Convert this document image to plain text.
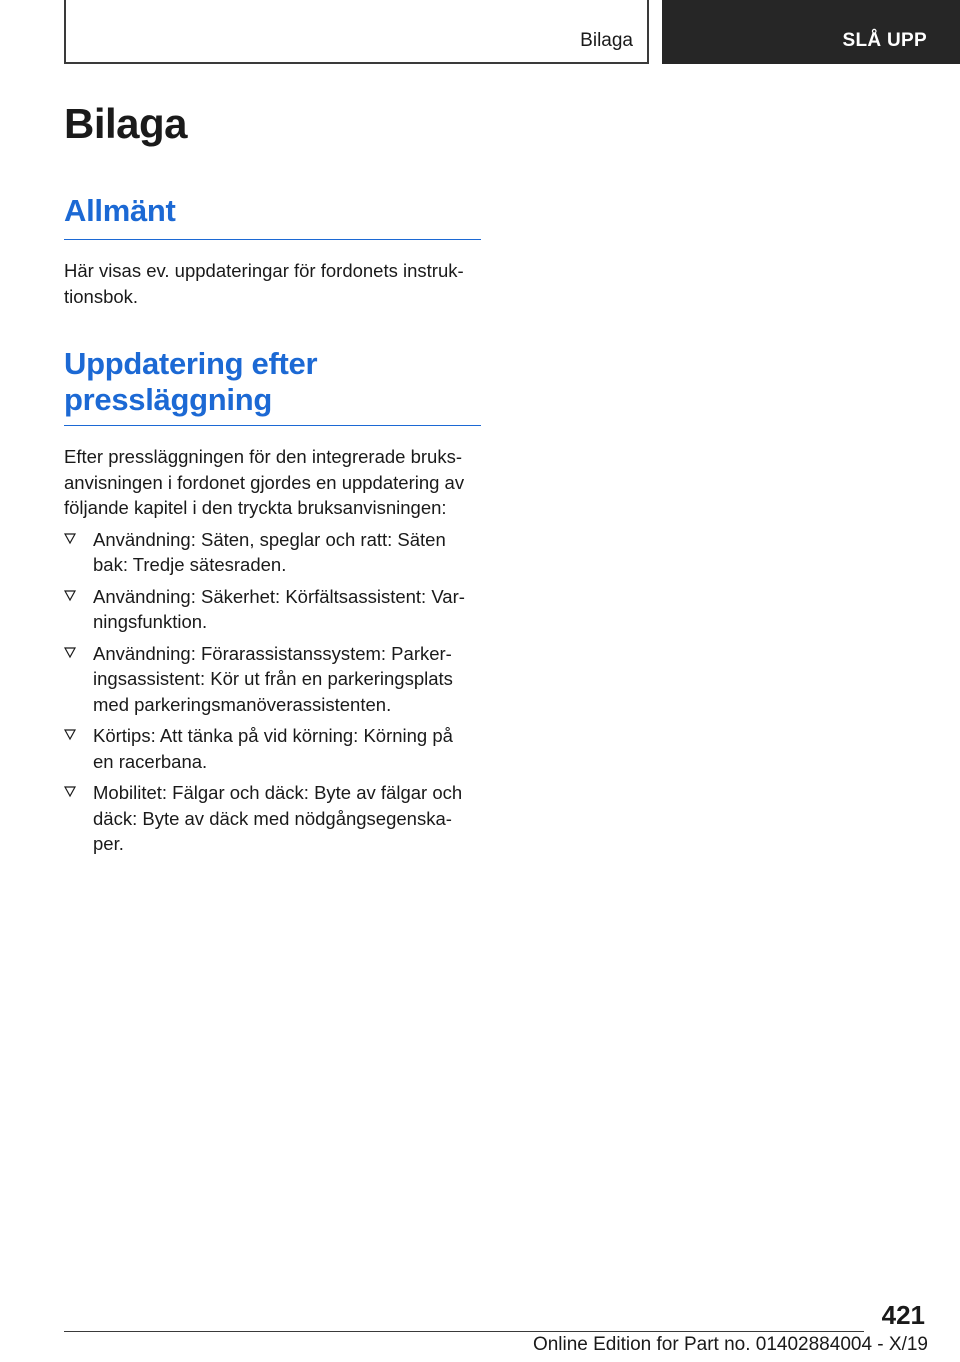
Bilaga	SLÅ UPP
Bilaga
Allmänt

Här visas ev. uppdateringar för fordonets instruk-
tionsbok.

Uppdatering efter
pressläggning

Efter pressläggningen för den integrerade bruks-
anvisningen i fordonet gjordes en uppdatering av
följande kapitel i den tryckta bruksanvisningen:

Användning: Säten, speglar och ratt: Säten
bak: Tredje sätesraden.
Användning: Säkerhet: Körfältsassistent: Var-
ningsfunktion.
Användning: Förarassistanssystem: Parker-
ingsassistent: Kör ut från en parkeringsplats
med parkeringsmanöverassistenten.
Körtips: Att tänka på vid körning: Körning på
en racerbana.
Mobilitet: Fälgar och däck: Byte av fälgar och
däck: Byte av däck med nödgångsegenska-
per.
421
Online Edition for Part no. 01402884004 - X/19
